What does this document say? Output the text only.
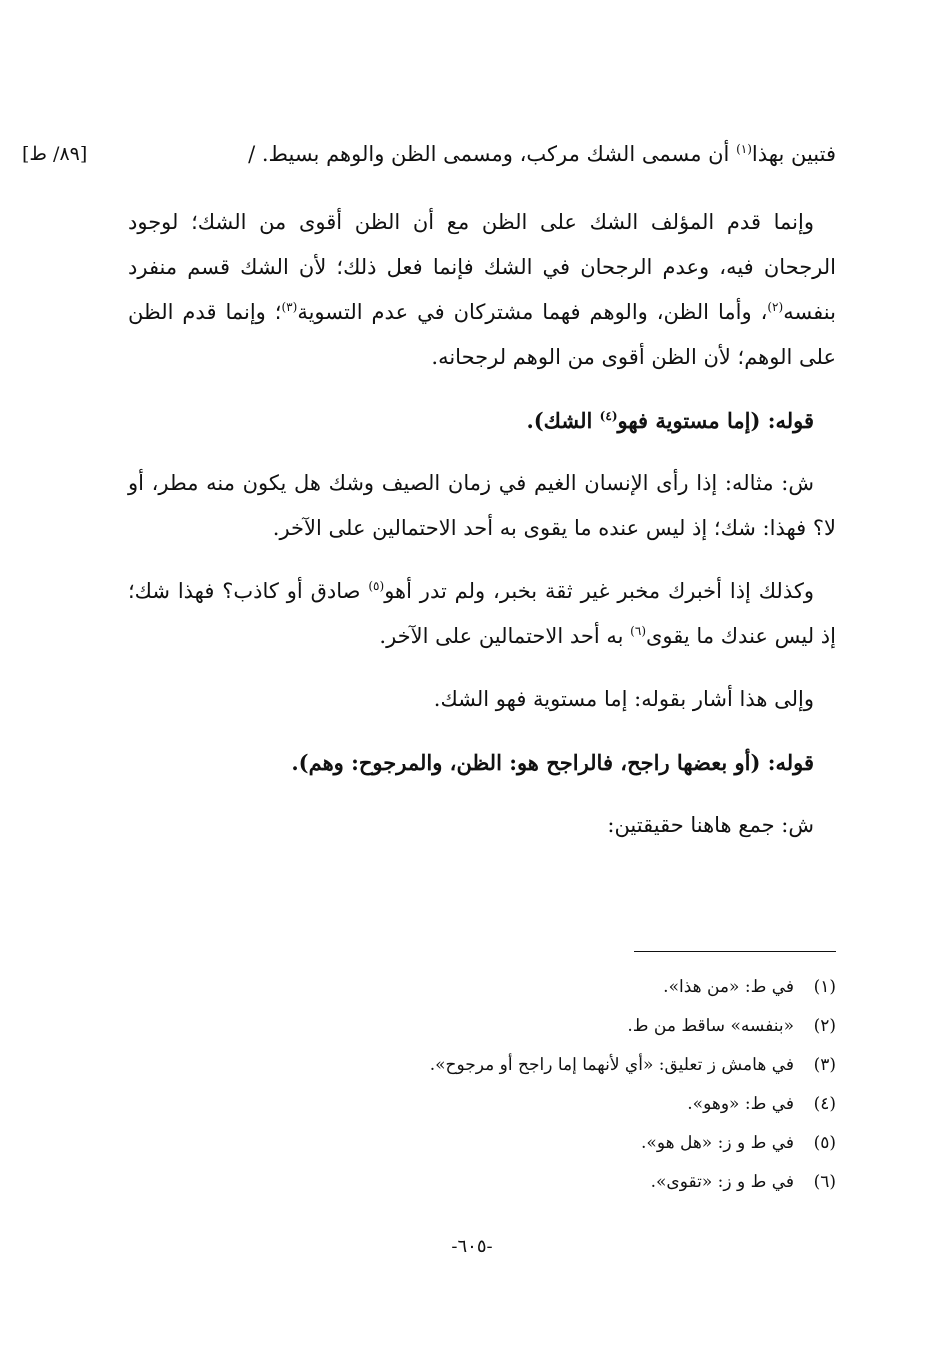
[٨٩/ ط]	فتبين بهذا$^{(١)}$ أن مسمى الشك مركب، ومسمى الظن والوهم بسيط. /

وإنما قدم المؤلف الشك على الظن مع أن الظن أقوى من الشك؛ لوجود الرجحان فيه، وعدم الرجحان في الشك فإنما فعل ذلك؛ لأن الشك قسم منفرد بنفسه$^{(٢)}$، وأما الظن، والوهم فهما مشتركان في عدم التسوية$^{(٣)}$؛ وإنما قدم الظن على الوهم؛ لأن الظن أقوى من الوهم لرجحانه.

قوله: (إما مستوية فهو$^{(٤)}$ الشك).

ش: مثاله: إذا رأى الإنسان الغيم في زمان الصيف وشك هل يكون منه مطر، أو لا؟ فهذا: شك؛ إذ ليس عنده ما يقوى به أحد الاحتمالين على الآخر.

وكذلك إذا أخبرك مخبر غير ثقة بخبر، ولم تدر أهو$^{(٥)}$ صادق أو كاذب؟ فهذا شك؛ إذ ليس عندك ما يقوى$^{(٦)}$ به أحد الاحتمالين على الآخر.

وإلى هذا أشار بقوله: إما مستوية فهو الشك.

قوله: (أو بعضها راجح، فالراجح هو: الظن، والمرجوح: وهم).

ش: جمع هاهنا حقيقتين:

(١)في ط: «من هذا».

(٢)«بنفسه» ساقط من ط.

(٣)في هامش ز تعليق: «أي لأنهما إما راجح أو مرجوح».

(٤)في ط: «وهو».

(٥)في ط و ز: «هل هو».

(٦)في ط و ز: «تقوى».

-٦٠٥-
